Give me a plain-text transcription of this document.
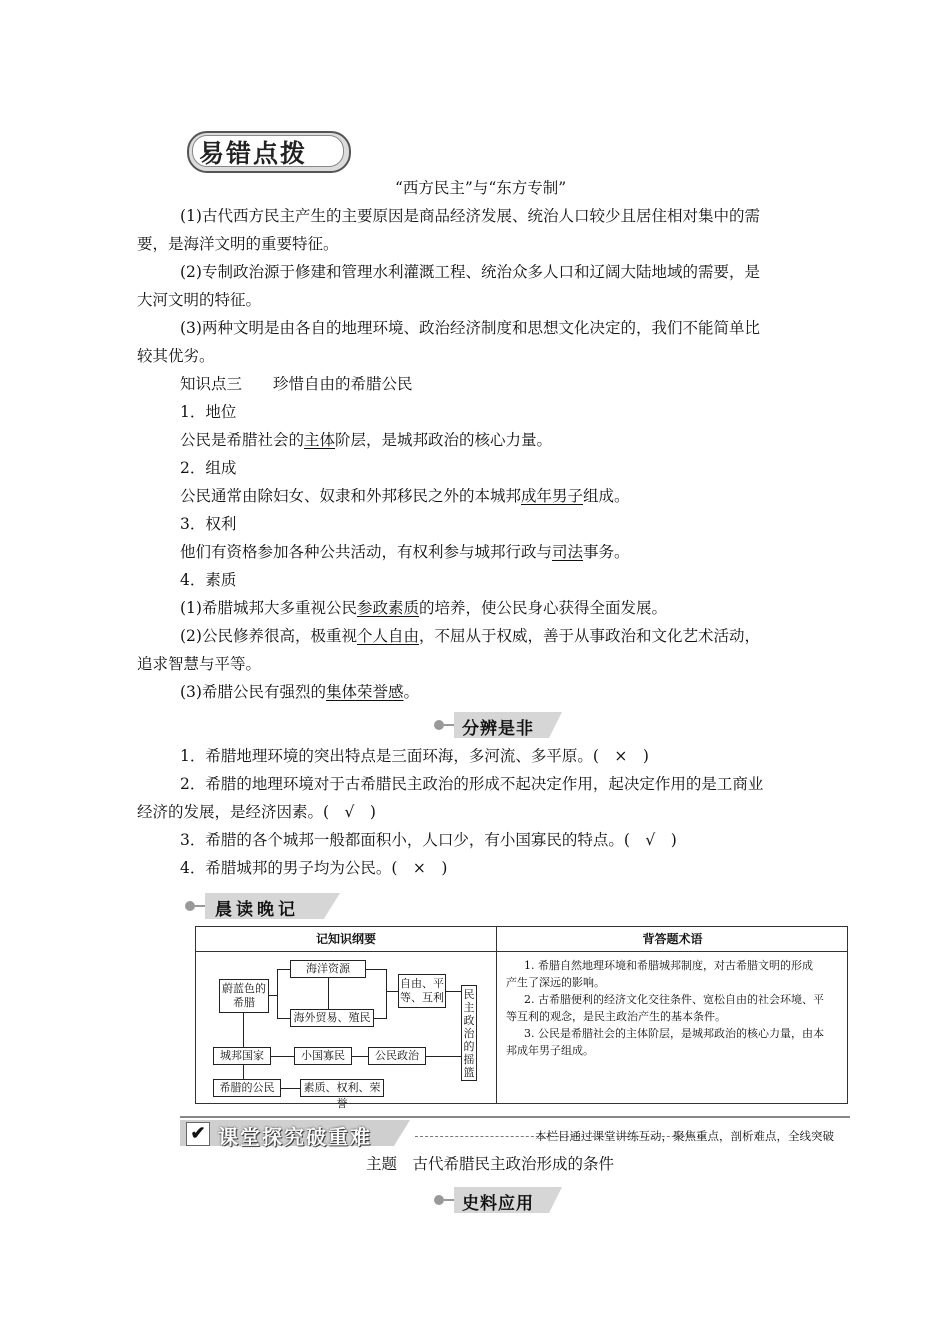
易错点拨
“西方民主”与“东方专制”
(1)古代西方民主产生的主要原因是商品经济发展、统治人口较少且居住相对集中的需
要，是海洋文明的重要特征。
(2)专制政治源于修建和管理水利灌溉工程、统治众多人口和辽阔大陆地域的需要，是
大河文明的特征。
(3)两种文明是由各自的地理环境、政治经济制度和思想文化决定的，我们不能简单比
较其优劣。
知识点三　　珍惜自由的希腊公民
1．地位
公民是希腊社会的主体阶层，是城邦政治的核心力量。
2．组成
公民通常由除妇女、奴隶和外邦移民之外的本城邦成年男子组成。
3．权利
他们有资格参加各种公共活动，有权利参与城邦行政与司法事务。
4．素质
(1)希腊城邦大多重视公民参政素质的培养，使公民身心获得全面发展。
(2)公民修养很高，极重视个人自由，不屈从于权威，善于从事政治和文化艺术活动，
追求智慧与平等。
(3)希腊公民有强烈的集体荣誉感。
分辨是非
1．希腊地理环境的突出特点是三面环海，多河流、多平原。(　×　)
2．希腊的地理环境对于古希腊民主政治的形成不起决定作用，起决定作用的是工商业
经济的发展，是经济因素。(　√　)
3．希腊的各个城邦一般都面积小，人口少，有小国寡民的特点。(　√　)
4．希腊城邦的男子均为公民。(　×　)
晨读晚记
记知识纲要	背答题术语
蔚蓝色的希腊
海洋资源
海外贸易、殖民
自由、平等、互利 民主政治的摇篮
城邦国家	小国寡民	公民政治
希腊的公民	素质、权利、荣誉
1. 希腊自然地理环境和希腊城邦制度，对古希腊文明的形成
产生了深远的影响。
2. 古希腊便利的经济文化交往条件、宽松自由的社会环境、平
等互利的观念，是民主政治产生的基本条件。
3. 公民是希腊社会的主体阶层，是城邦政治的核心力量，由本
邦成年男子组成。
✔ 课堂探究破重难	本栏目通过课堂讲练互动，聚焦重点，剖析难点，全线突破
主题　古代希腊民主政治形成的条件
史料应用
